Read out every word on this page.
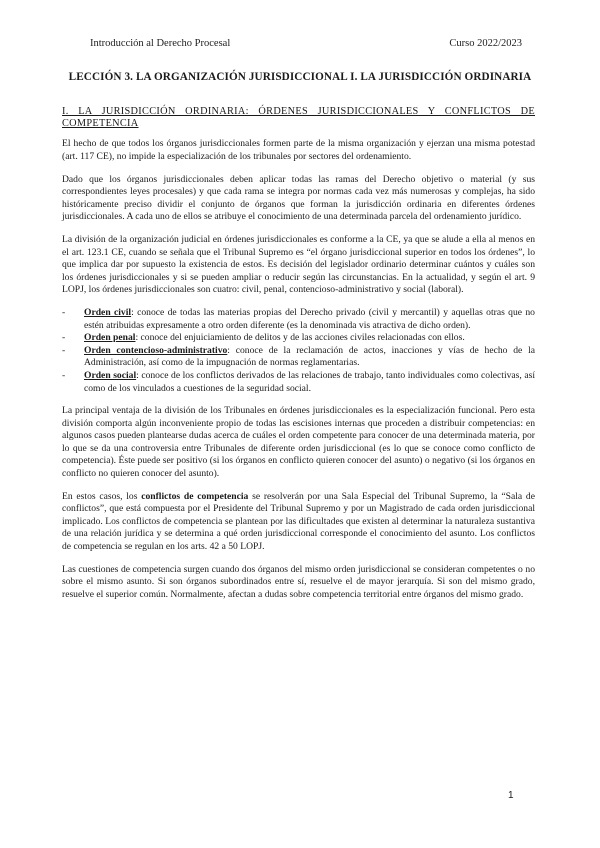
Introducción al Derecho Procesal	Curso 2022/2023
LECCIÓN 3. LA ORGANIZACIÓN JURISDICCIONAL I. LA JURISDICCIÓN ORDINARIA
I. LA JURISDICCIÓN ORDINARIA: ÓRDENES JURISDICCIONALES Y CONFLICTOS DE COMPETENCIA

El hecho de que todos los órganos jurisdiccionales formen parte de la misma organización y ejerzan una misma potestad (art. 117 CE), no impide la especialización de los tribunales por sectores del ordenamiento.

Dado que los órganos jurisdiccionales deben aplicar todas las ramas del Derecho objetivo o material (y sus correspondientes leyes procesales) y que cada rama se integra por normas cada vez más numerosas y complejas, ha sido históricamente preciso dividir el conjunto de órganos que forman la jurisdicción ordinaria en diferentes órdenes jurisdiccionales. A cada uno de ellos se atribuye el conocimiento de una determinada parcela del ordenamiento jurídico.

La división de la organización judicial en órdenes jurisdiccionales es conforme a la CE, ya que se alude a ella al menos en el art. 123.1 CE, cuando se señala que el Tribunal Supremo es “el órgano jurisdiccional superior en todos los órdenes”, lo que implica dar por supuesto la existencia de estos. Es decisión del legislador ordinario determinar cuántos y cuáles son los órdenes jurisdiccionales y si se pueden ampliar o reducir según las circunstancias. En la actualidad, y según el art. 9 LOPJ, los órdenes jurisdiccionales son cuatro: civil, penal, contencioso-administrativo y social (laboral).

- Orden civil: conoce de todas las materias propias del Derecho privado (civil y mercantil) y aquellas otras que no estén atribuidas expresamente a otro orden diferente (es la denominada vis atractiva de dicho orden).
- Orden penal: conoce del enjuiciamiento de delitos y de las acciones civiles relacionadas con ellos.
- Orden contencioso-administrativo: conoce de la reclamación de actos, inacciones y vías de hecho de la Administración, así como de la impugnación de normas reglamentarias.
- Orden social: conoce de los conflictos derivados de las relaciones de trabajo, tanto individuales como colectivas, así como de los vinculados a cuestiones de la seguridad social.

La principal ventaja de la división de los Tribunales en órdenes jurisdiccionales es la especialización funcional. Pero esta división comporta algún inconveniente propio de todas las escisiones internas que proceden a distribuir competencias: en algunos casos pueden plantearse dudas acerca de cuáles el orden competente para conocer de una determinada materia, por lo que se da una controversia entre Tribunales de diferente orden jurisdiccional (es lo que se conoce como conflicto de competencia). Éste puede ser positivo (si los órganos en conflicto quieren conocer del asunto) o negativo (si los órganos en conflicto no quieren conocer del asunto).

En estos casos, los conflictos de competencia se resolverán por una Sala Especial del Tribunal Supremo, la “Sala de conflictos”, que está compuesta por el Presidente del Tribunal Supremo y por un Magistrado de cada orden jurisdiccional implicado. Los conflictos de competencia se plantean por las dificultades que existen al determinar la naturaleza sustantiva de una relación jurídica y se determina a qué orden jurisdiccional corresponde el conocimiento del asunto. Los conflictos de competencia se regulan en los arts. 42 a 50 LOPJ.

Las cuestiones de competencia surgen cuando dos órganos del mismo orden jurisdiccional se consideran competentes o no sobre el mismo asunto. Si son órganos subordinados entre sí, resuelve el de mayor jerarquía. Si son del mismo grado, resuelve el superior común. Normalmente, afectan a dudas sobre competencia territorial entre órganos del mismo grado.

1
